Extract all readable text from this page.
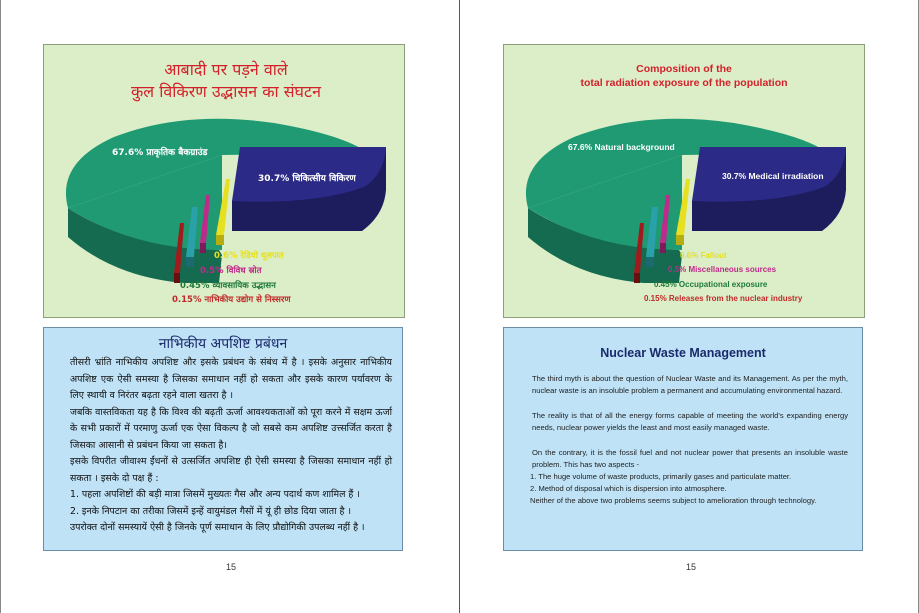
आबादी पर पड़ने वाले
कुल विकिरण उद्भासन का संघटन
67.6% प्राकृतिक बैकग्राउंड
30.7% चिकित्सीय विकिरण
0.6% रेडियो धूलपात
0.5% विविध स्रोत
0.45% व्यावसायिक उद्भासन
0.15% नाभिकीय उद्योग से निस्सरण
नाभिकीय अपशिष्ट प्रबंधन

तीसरी भ्रांति नाभिकीय अपशिष्ट और इसके प्रबंधन के संबंध में है । इसके अनुसार नाभिकीय अपशिष्ट एक ऐसी समस्या है जिसका समाधान नहीं हो सकता और इसके कारण पर्यावरण के लिए स्थायी व निरंतर बढ़ता रहने वाला खतरा है ।

जबकि वास्तविकता यह है कि विश्व की बढ़ती ऊर्जा आवश्यकताओं को पूरा करने में सक्षम ऊर्जा के सभी प्रकारों में परमाणु ऊर्जा एक ऐसा विकल्प है जो सबसे कम अपशिष्ट उत्त्सर्जित करता है जिसका आसानी से प्रबंधन किया जा सकता है।

इसके विपरीत जीवाश्म ईंधनों से उत्सर्जित अपशिष्ट ही ऐसी समस्या है जिसका समाधान नहीं हो सकता । इसके दो पक्ष हैं :

1. पहला अपशिष्टों की बड़ी मात्रा जिसमें मुख्यतः गैस और अन्य पदार्थ कण शामिल हैं ।

2. इनके निपटान का तरीका जिसमें इन्हें वायुमंडल गैसों में यूं ही छोड दिया जाता है ।

उपरोक्त दोनों समस्यायें ऐसी है जिनके पूर्ण समाधान के लिए प्रौद्योगिकी उपलब्ध नहीं है ।

15
Composition of the
total radiation exposure of the population
67.6% Natural background
30.7% Medical irradiation
0.6% Fallout
0.5% Miscellaneous sources
0.45% Occupational exposure
0.15% Releases from the nuclear industry
Nuclear Waste Management

The third myth is about the question of Nuclear Waste and its Management. As per the myth, nuclear waste is an insoluble problem a permanent and accumulating environmental hazard.

The reality is that of all the energy forms capable of meeting the world's expanding energy needs, nuclear power yields the least and most easily managed waste.

On the contrary, it is the fossil fuel and not nuclear power that presents an insoluble waste problem. This has two aspects -

1. The huge volume of waste products, primarily gases and particulate matter.

2. Method of disposal which is dispersion into atmosphere.

Neither of the above two problems seems subject to amelioration through technology.

15
